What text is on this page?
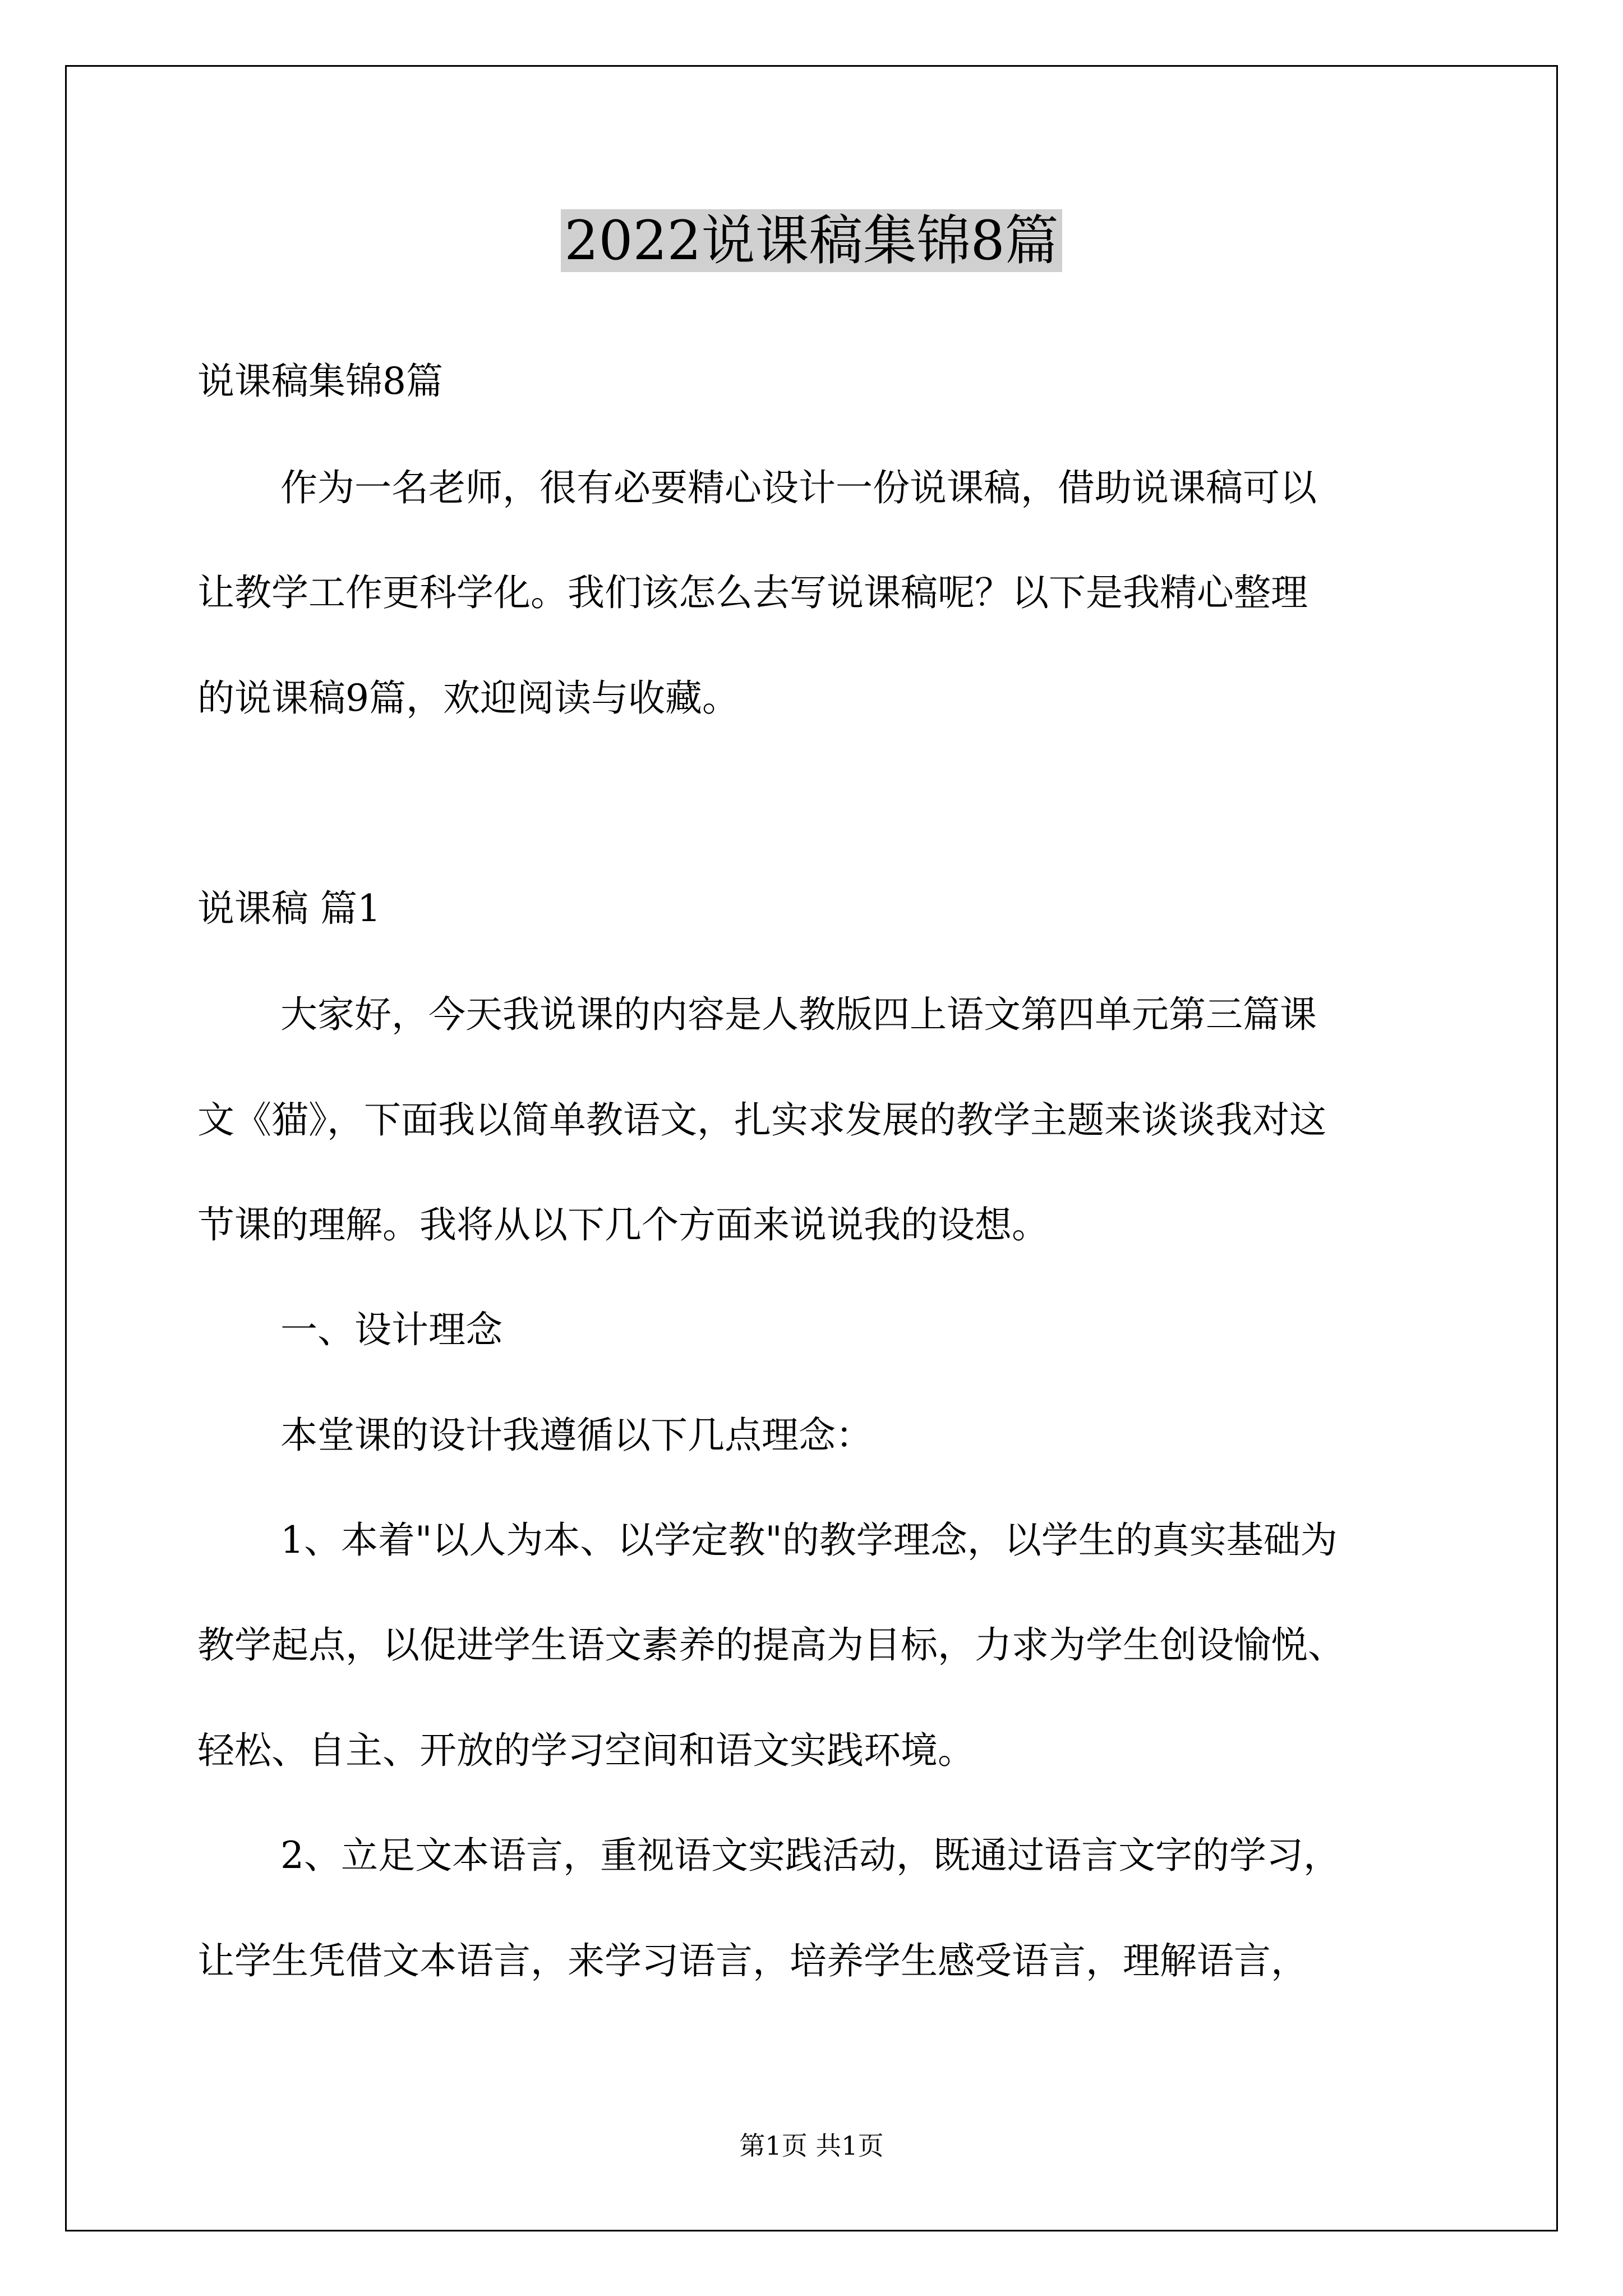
2022说课稿集锦8篇
说课稿集锦8篇
作为一名老师，很有必要精心设计一份说课稿，借助说课稿可以
让教学工作更科学化。我们该怎么去写说课稿呢？以下是我精心整理
的说课稿9篇，欢迎阅读与收藏。
说课稿 篇1
大家好，今天我说课的内容是人教版四上语文第四单元第三篇课
文《猫》，下面我以简单教语文，扎实求发展的教学主题来谈谈我对这
节课的理解。我将从以下几个方面来说说我的设想。
一、设计理念
本堂课的设计我遵循以下几点理念：
1、本着"以人为本、以学定教"的教学理念，以学生的真实基础为
教学起点，以促进学生语文素养的提高为目标，力求为学生创设愉悦、
轻松、自主、开放的学习空间和语文实践环境。
2、立足文本语言，重视语文实践活动，既通过语言文字的学习，
让学生凭借文本语言，来学习语言，培养学生感受语言，理解语言，
第1页 共1页
